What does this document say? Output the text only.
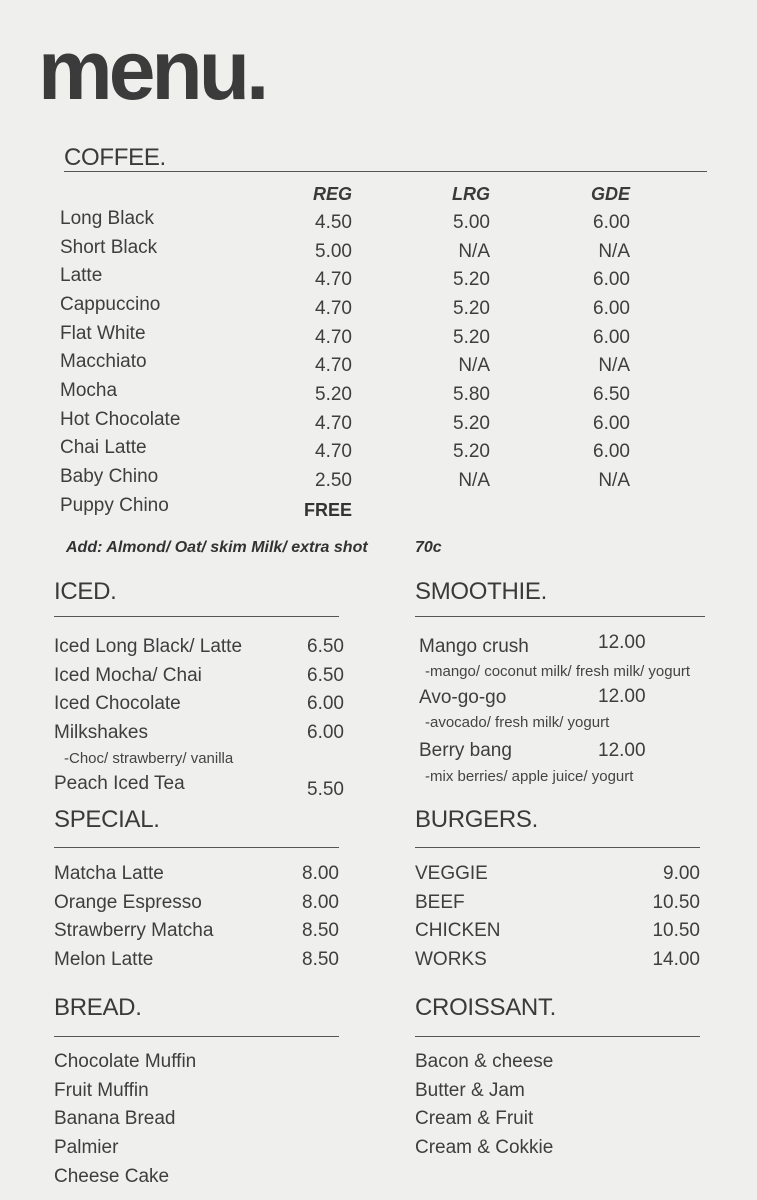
menu.
COFFEE.
REG	LRG	GDE
Long Black	4.50	5.00	6.00
Short Black	5.00	N/A	N/A
Latte	4.70	5.20	6.00
Cappuccino	4.70	5.20	6.00
Flat White	4.70	5.20	6.00
Macchiato	4.70	N/A	N/A
Mocha	5.20	5.80	6.50
Hot Chocolate	4.70	5.20	6.00
Chai Latte	4.70	5.20	6.00
Baby Chino	2.50	N/A	N/A
Puppy Chino	FREE
Add: Almond/ Oat/ skim Milk/ extra shot	70c
ICED.
Iced Long Black/ Latte	6.50
Iced Mocha/ Chai	6.50
Iced Chocolate	6.00
Milkshakes	6.00
-Choc/ strawberry/ vanilla
Peach Iced Tea	5.50
SMOOTHIE.
Mango crush	12.00
-mango/ coconut milk/ fresh milk/ yogurt
Avo-go-go	12.00
-avocado/ fresh milk/ yogurt
Berry bang	12.00
-mix berries/ apple juice/ yogurt
SPECIAL.
Matcha Latte	8.00
Orange Espresso	8.00
Strawberry Matcha	8.50
Melon Latte	8.50
BURGERS.
VEGGIE	9.00
BEEF	10.50
CHICKEN	10.50
WORKS	14.00
BREAD.
Chocolate Muffin
Fruit Muffin
Banana Bread
Palmier
Cheese Cake
CROISSANT.
Bacon & cheese
Butter & Jam
Cream & Fruit
Cream & Cokkie
